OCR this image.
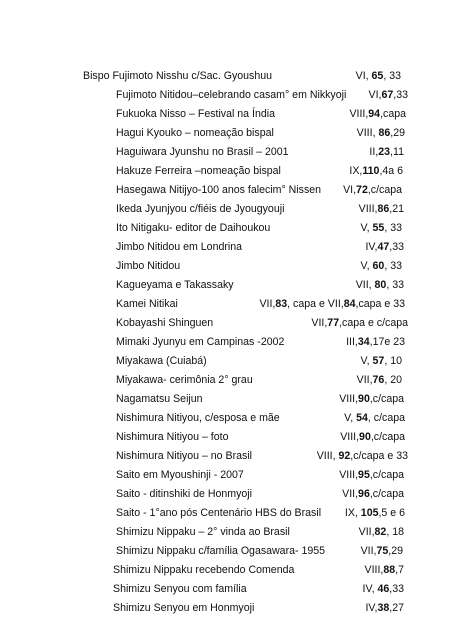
Bispo Fujimoto Nisshu c/Sac. Gyoushuu	VI, 65, 33
Fujimoto Nitidou–celebrando casam° em Nikkyoji VI,67,33
Fukuoka Nisso – Festival na Índia	VIII,94,capa
Hagui Kyouko – nomeação bispal	VIII, 86,29
Haguiwara Jyunshu no Brasil – 2001	II,23,11
Hakuze Ferreira –nomeação bispal	IX,110,4a 6
Hasegawa Nitijyo-100 anos falecim° Nissen VI,72,c/capa
Ikeda Jyunjyou c/fiéis de Jyougyouji	VIII,86,21
Ito Nitigaku- editor de Daihoukou	V, 55, 33
Jimbo Nitidou em Londrina	IV,47,33
Jimbo Nitidou	V, 60, 33
Kagueyama e Takassaky	VII, 80, 33
Kamei Nitikai	VII,83, capa e VII,84,capa e 33
Kobayashi Shinguen	VII,77,capa e c/capa
Mimaki Jyunyu em Campinas -2002	III,34,17e 23
Miyakawa (Cuiabá)	V, 57, 10
Miyakawa- cerimônia 2° grau	VII,76, 20
Nagamatsu Seijun	VIII,90,c/capa
Nishimura Nitiyou, c/esposa e mãe	V, 54, c/capa
Nishimura Nitiyou – foto	VIII,90,c/capa
Nishimura Nitiyou – no Brasil	VIII, 92,c/capa e 33
Saito em Myoushinji - 2007	VIII,95,c/capa
Saito - ditinshiki de Honmyoji	VII,96,c/capa
Saito - 1°ano pós Centenário HBS do Brasil IX, 105,5 e 6
Shimizu Nippaku – 2° vinda ao Brasil	VII,82, 18
Shimizu Nippaku c/família Ogasawara- 1955	VII,75,29
Shimizu Nippaku recebendo Comenda	VIII,88,7
Shimizu Senyou com família	IV, 46,33
Shimizu Senyou em Honmyoji	IV,38,27
